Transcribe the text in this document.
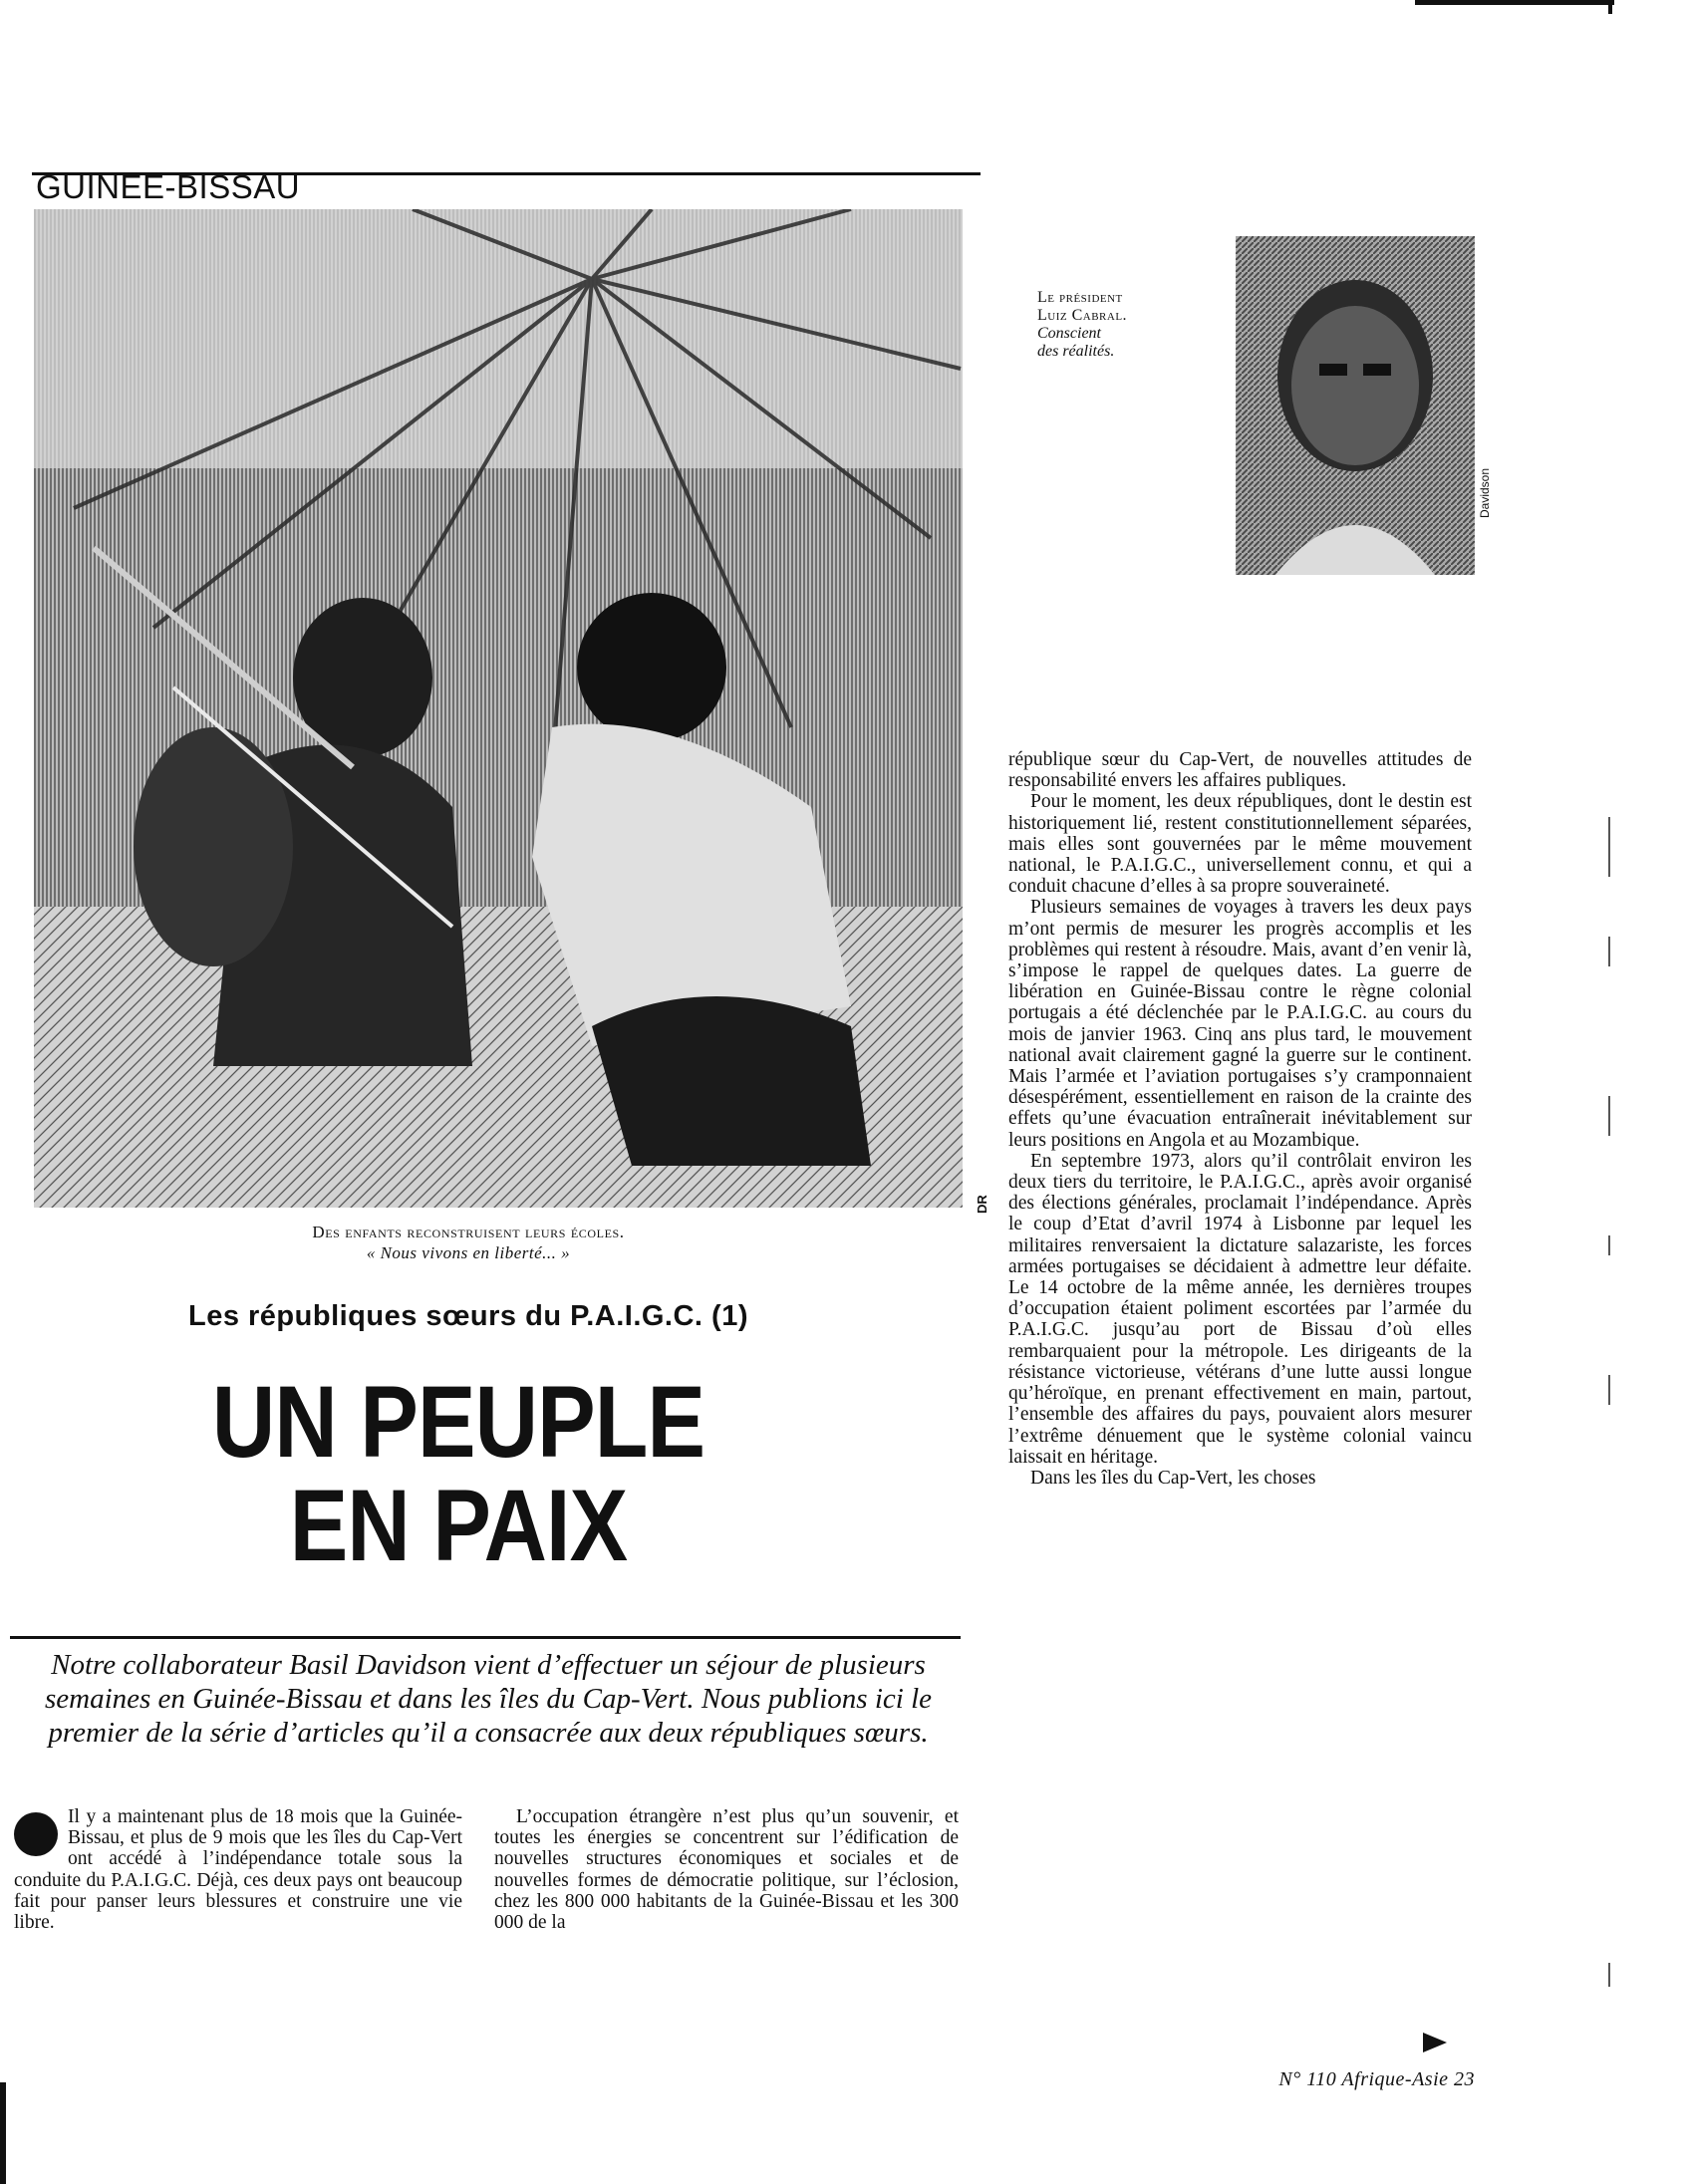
GUINEE-BISSAU
DR
Le président
Luiz Cabral.
Conscient
des réalités.
Davidson
Des enfants reconstruisent leurs écoles.
« Nous vivons en liberté... »
Les républiques sœurs du P.A.I.G.C. (1)
UN PEUPLE
EN PAIX
Notre collaborateur Basil Davidson vient d’effectuer un séjour de plusieurs semaines en Guinée-Bissau et dans les îles du Cap-Vert. Nous publions ici le premier de la série d’articles qu’il a consacrée aux deux républiques sœurs.

Il y a maintenant plus de 18 mois que la Guinée-Bissau, et plus de 9 mois que les îles du Cap-Vert ont accédé à l’indépendance totale sous la conduite du P.A.I.G.C. Déjà, ces deux pays ont beaucoup fait pour panser leurs blessures et construire une vie libre.

L’occupation étrangère n’est plus qu’un souvenir, et toutes les énergies se concentrent sur l’édification de nouvelles structures économiques et sociales et de nouvelles formes de démocratie politique, sur l’éclosion, chez les 800 000 habitants de la Guinée-Bissau et les 300 000 de la

république sœur du Cap-Vert, de nouvelles attitudes de responsabilité envers les affaires publiques.

Pour le moment, les deux républiques, dont le destin est historiquement lié, restent constitutionnellement séparées, mais elles sont gouvernées par le même mouvement national, le P.A.I.G.C., universellement connu, et qui a conduit chacune d’elles à sa propre souveraineté.

Plusieurs semaines de voyages à travers les deux pays m’ont permis de mesurer les progrès accomplis et les problèmes qui restent à résoudre. Mais, avant d’en venir là, s’impose le rappel de quelques dates. La guerre de libération en Guinée-Bissau contre le règne colonial portugais a été déclenchée par le P.A.I.G.C. au cours du mois de janvier 1963. Cinq ans plus tard, le mouvement national avait clairement gagné la guerre sur le continent. Mais l’armée et l’aviation portugaises s’y cramponnaient désespérément, essentiellement en raison de la crainte des effets qu’une évacuation entraînerait inévitablement sur leurs positions en Angola et au Mozambique.

En septembre 1973, alors qu’il contrôlait environ les deux tiers du territoire, le P.A.I.G.C., après avoir organisé des élections générales, proclamait l’indépendance. Après le coup d’Etat d’avril 1974 à Lisbonne par lequel les militaires renversaient la dictature salazariste, les forces armées portugaises se décidaient à admettre leur défaite. Le 14 octobre de la même année, les dernières troupes d’occupation étaient poliment escortées par l’armée du P.A.I.G.C. jusqu’au port de Bissau d’où elles rembarquaient pour la métropole. Les dirigeants de la résistance victorieuse, vétérans d’une lutte aussi longue qu’héroïque, en prenant effectivement en main, partout, l’ensemble des affaires du pays, pouvaient alors mesurer l’extrême dénuement que le système colonial vaincu laissait en héritage.

Dans les îles du Cap-Vert, les choses

N° 110 Afrique-Asie 23
